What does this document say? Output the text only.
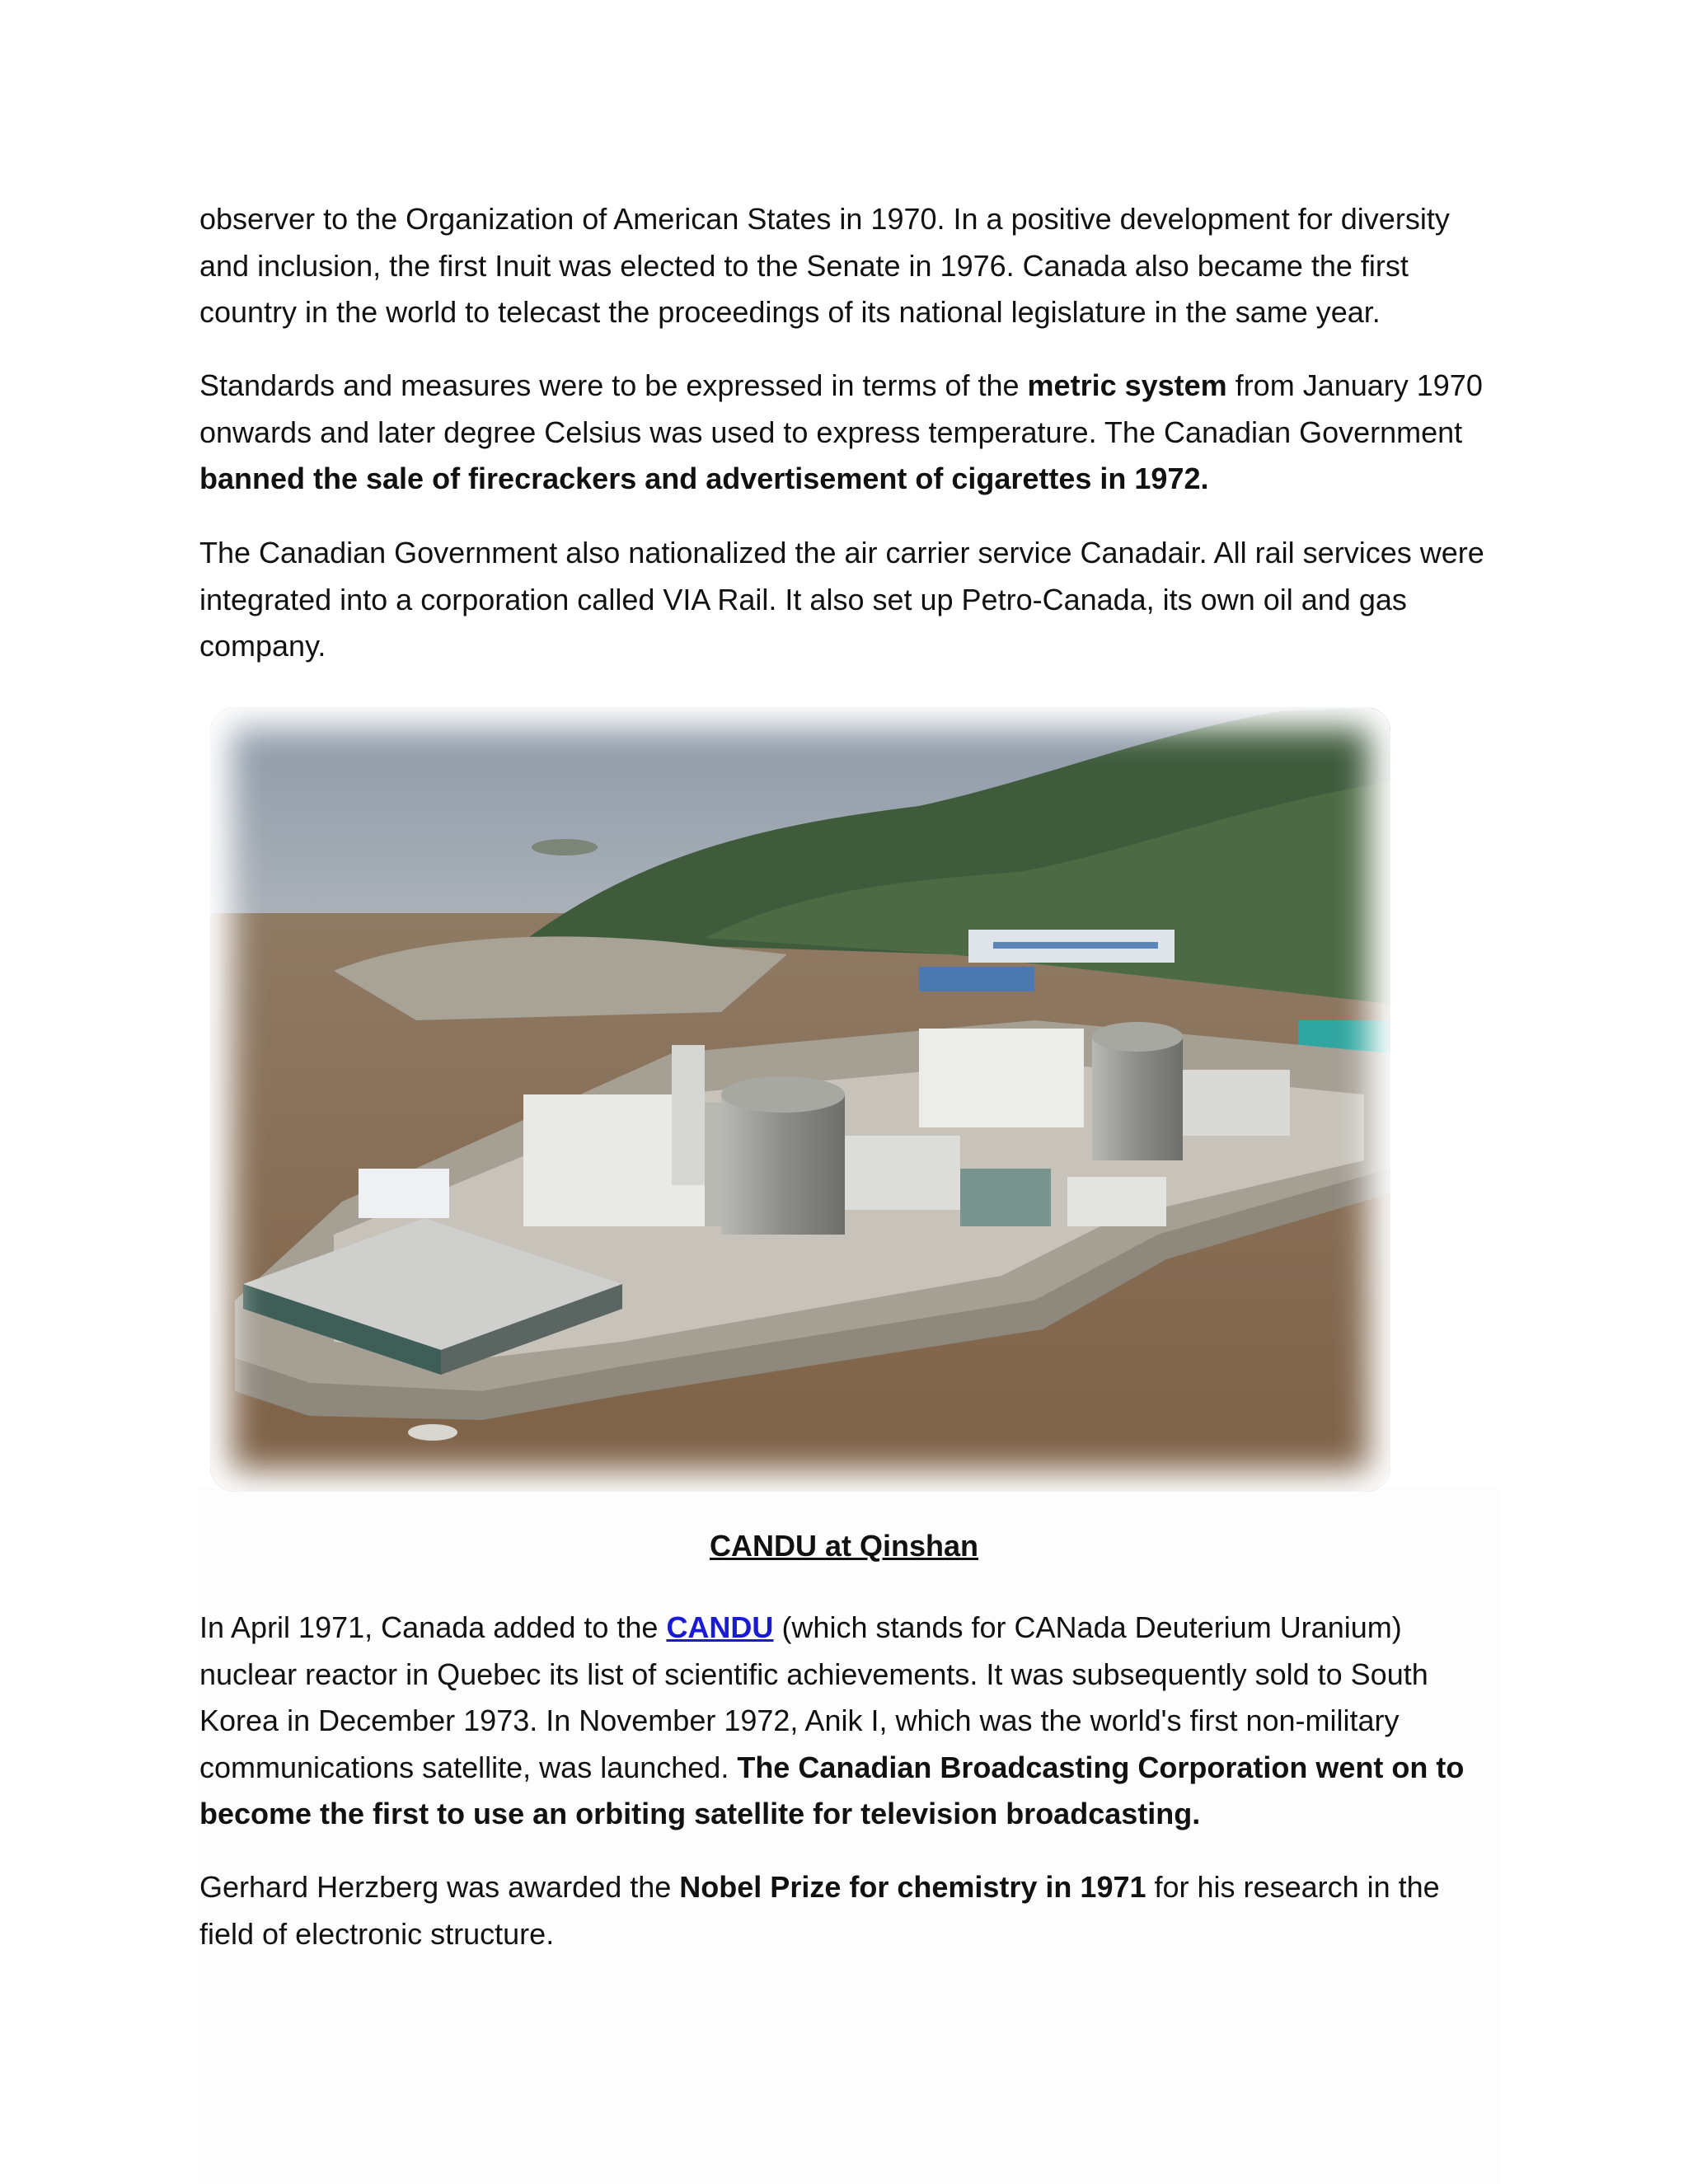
observer to the Organization of American States in 1970. In a positive development for diversity and inclusion, the first Inuit was elected to the Senate in 1976. Canada also became the first country in the world to telecast the proceedings of its national legislature in the same year.

Standards and measures were to be expressed in terms of the metric system from January 1970 onwards and later degree Celsius was used to express temperature. The Canadian Government banned the sale of firecrackers and advertisement of cigarettes in 1972.

The Canadian Government also nationalized the air carrier service Canadair. All rail services were integrated into a corporation called VIA Rail. It also set up Petro-Canada, its own oil and gas company.

CANDU at Qinshan

In April 1971, Canada added to the CANDU (which stands for CANada Deuterium Uranium) nuclear reactor in Quebec its list of scientific achievements. It was subsequently sold to South Korea in December 1973. In November 1972, Anik I, which was the world's first non-military communications satellite, was launched. The Canadian Broadcasting Corporation went on to become the first to use an orbiting satellite for television broadcasting.

Gerhard Herzberg was awarded the Nobel Prize for chemistry in 1971 for his research in the field of electronic structure.
